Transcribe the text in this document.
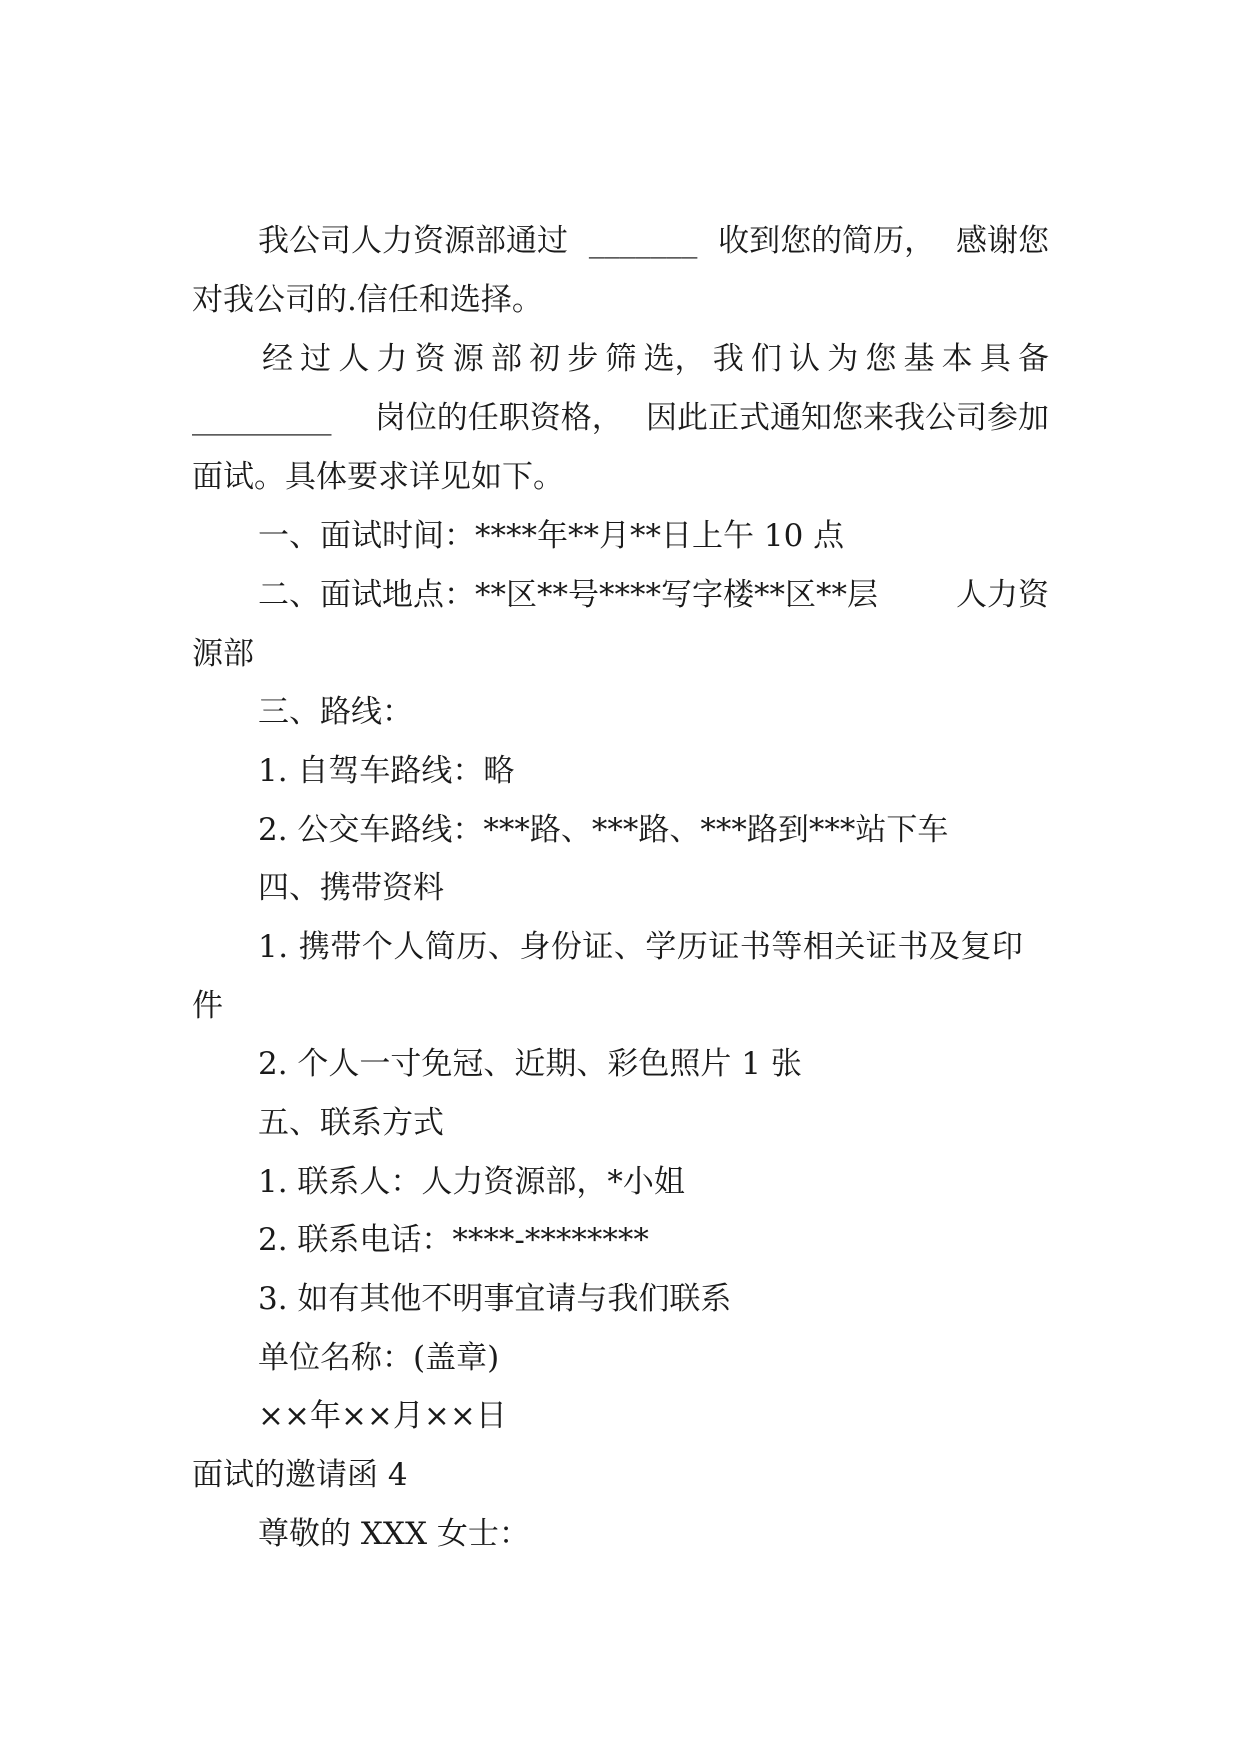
我公司人力资源部通过 _______ 收到您的简历， 感谢您
对我公司的.信任和选择。
经 过 人 力 资 源 部 初 步 筛 选， 我 们 认 为 您 基 本 具 备
_________ 岗位的任职资格， 因此正式通知您来我公司参加
面试。具体要求详见如下。
一、面试时间：****年**月**日上午 10 点
二、面试地点：**区**号****写字楼**区**层	人力资
源部
三、路线：
1. 自驾车路线：略
2. 公交车路线：***路、***路、***路到***站下车
四、携带资料
1. 携带个人简历、身份证、学历证书等相关证书及复印
件
2. 个人一寸免冠、近期、彩色照片 1 张
五、联系方式
1. 联系人：人力资源部，*小姐
2. 联系电话：****-********
3. 如有其他不明事宜请与我们联系
单位名称：(盖章)
××年××月××日
面试的邀请函 4
尊敬的 XXX 女士：
